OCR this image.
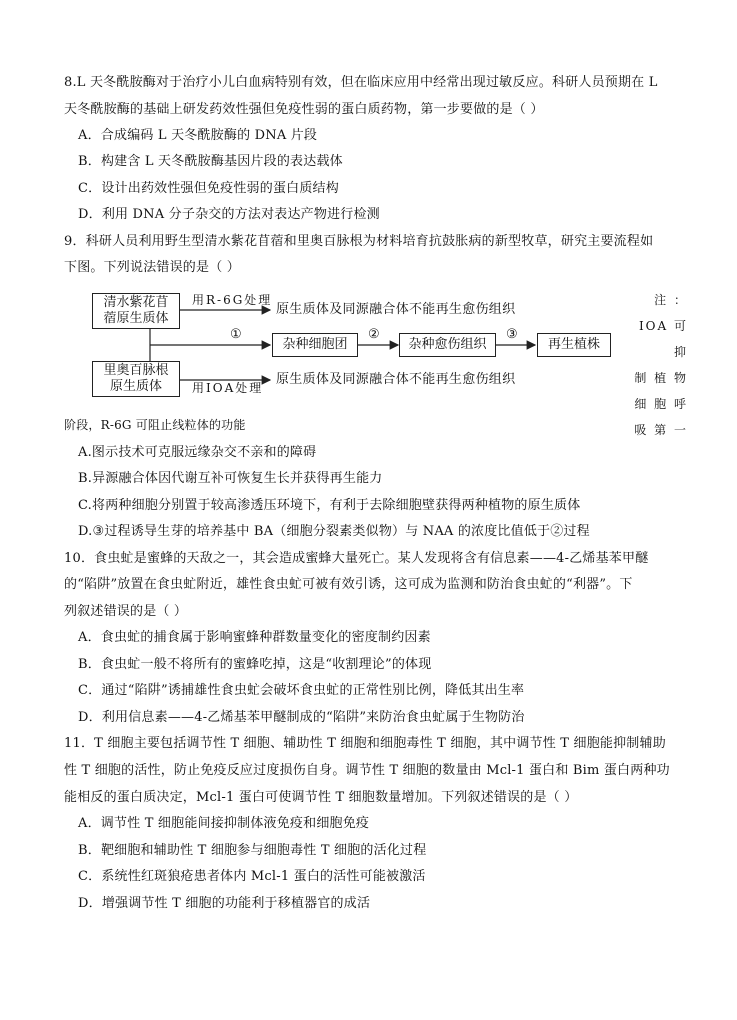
8.L 天冬酰胺酶对于治疗小儿白血病特别有效，但在临床应用中经常出现过敏反应。科研人员预期在 L
天冬酰胺酶的基础上研发药效性强但免疫性弱的蛋白质药物，第一步要做的是（ ）
A．合成编码 L 天冬酰胺酶的 DNA 片段
B．构建含 L 天冬酰胺酶基因片段的表达载体
C．设计出药效性强但免疫性弱的蛋白质结构
D．利用 DNA 分子杂交的方法对表达产物进行检测
9．科研人员利用野生型清水紫花苜蓿和里奥百脉根为材料培育抗鼓胀病的新型牧草，研究主要流程如
下图。下列说法错误的是（ ）
清水紫花苜
蓿原生质体
里奥百脉根
原生质体
用R-6G处理
用IOA处理
原生质体及同源融合体不能再生愈伤组织
原生质体及同源融合体不能再生愈伤组织
①	②	③
杂种细胞团	杂种愈伤组织	再生植株
注 ：
IOA 可 抑
制 植 物
细 胞 呼
吸 第 一
阶段，R-6G 可阻止线粒体的功能
A.图示技术可克服远缘杂交不亲和的障碍
B.异源融合体因代谢互补可恢复生长并获得再生能力
C.将两种细胞分别置于较高渗透压环境下，有利于去除细胞壁获得两种植物的原生质体
D.③过程诱导生芽的培养基中 BA（细胞分裂素类似物）与 NAA 的浓度比值低于②过程
10．食虫虻是蜜蜂的天敌之一，其会造成蜜蜂大量死亡。某人发现将含有信息素——4-乙烯基苯甲醚
的“陷阱”放置在食虫虻附近，雄性食虫虻可被有效引诱，这可成为监测和防治食虫虻的“利器”。下
列叙述错误的是（ ）
A．食虫虻的捕食属于影响蜜蜂种群数量变化的密度制约因素
B．食虫虻一般不将所有的蜜蜂吃掉，这是“收割理论”的体现
C．通过“陷阱”诱捕雄性食虫虻会破坏食虫虻的正常性别比例，降低其出生率
D．利用信息素——4-乙烯基苯甲醚制成的“陷阱”来防治食虫虻属于生物防治
11．T 细胞主要包括调节性 T 细胞、辅助性 T 细胞和细胞毒性 T 细胞，其中调节性 T 细胞能抑制辅助
性 T 细胞的活性，防止免疫反应过度损伤自身。调节性 T 细胞的数量由 Mcl-1 蛋白和 Bim 蛋白两种功
能相反的蛋白质决定，Mcl-1 蛋白可使调节性 T 细胞数量增加。下列叙述错误的是（ ）
A．调节性 T 细胞能间接抑制体液免疫和细胞免疫
B．靶细胞和辅助性 T 细胞参与细胞毒性 T 细胞的活化过程
C．系统性红斑狼疮患者体内 Mcl-1 蛋白的活性可能被激活
D．增强调节性 T 细胞的功能利于移植器官的成活
